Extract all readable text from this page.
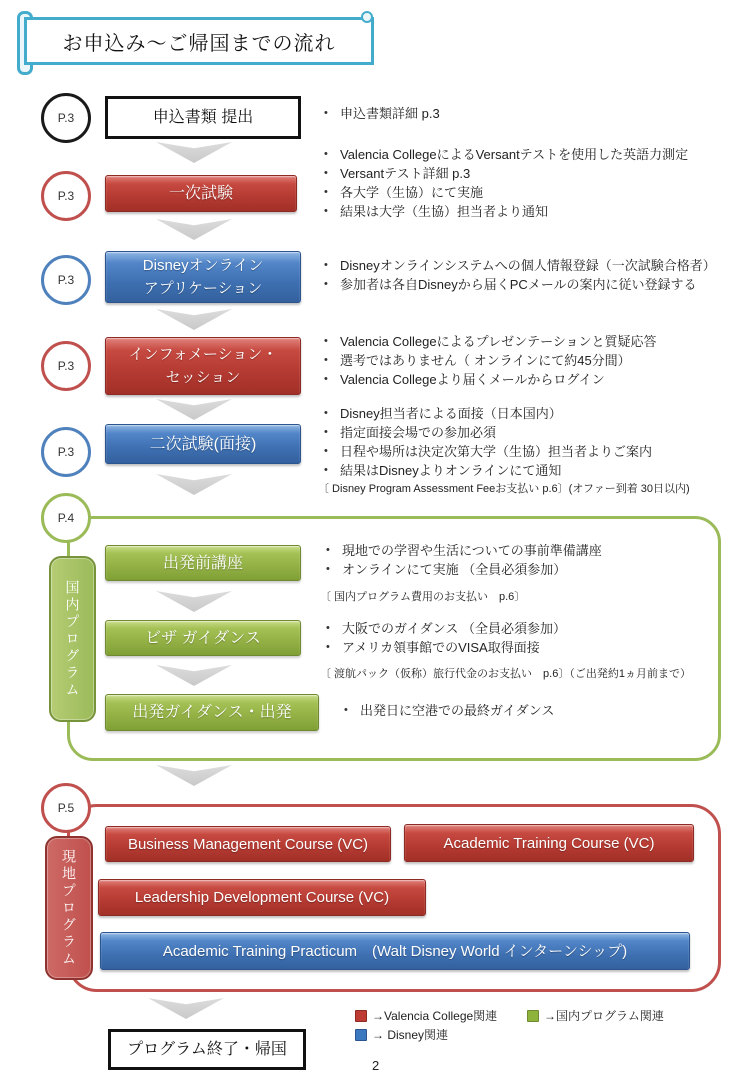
お申込み〜ご帰国までの流れ
P.3	申込書類 提出	• 申込書類詳細 p.3
P.3	一次試験
• Valencia CollegeによるVersantテストを使用した英語力測定
• Versantテスト詳細 p.3
• 各大学（生協）にて実施
• 結果は大学（生協）担当者より通知
P.3
Disneyオンライン
アプリケーション
• Disneyオンラインシステムへの個人情報登録（一次試験合格者）
• 参加者は各自Disneyから届くPCメールの案内に従い登録する
P.3
インフォメーション・
セッション
• Valencia Collegeによるプレゼンテーションと質疑応答
• 選考ではありません（ オンラインにて約45分間）
• Valencia Collegeより届くメールからログイン
P.3	二次試験(面接)
• Disney担当者による面接（日本国内）
• 指定面接会場での参加必須
• 日程や場所は決定次第大学（生協）担当者よりご案内
• 結果はDisneyよりオンラインにて通知
〔 Disney Program Assessment Feeお支払い p.6〕(オファー到着 30日以内)
P.4
国内プログラム
出発前講座
• 現地での学習や生活についての事前準備講座
• オンラインにて実施 （全員必須参加）
〔 国内プログラム費用のお支払い　p.6〕
ビザ ガイダンス
• 大阪でのガイダンス （全員必須参加）
• アメリカ領事館でのVISA取得面接
〔 渡航パック（仮称）旅行代金のお支払い　p.6〕（ご出発約1ヵ月前まで）
出発ガイダンス・出発	• 出発日に空港での最終ガイダンス
P.5
現地プログラム
Business Management Course (VC)	Academic Training Course (VC)
Leadership Development Course (VC)
Academic Training Practicum　(Walt Disney World インターンシップ)
プログラム終了・帰国
→Valencia College関連	→国内プログラム関連
→ Disney関連
2
